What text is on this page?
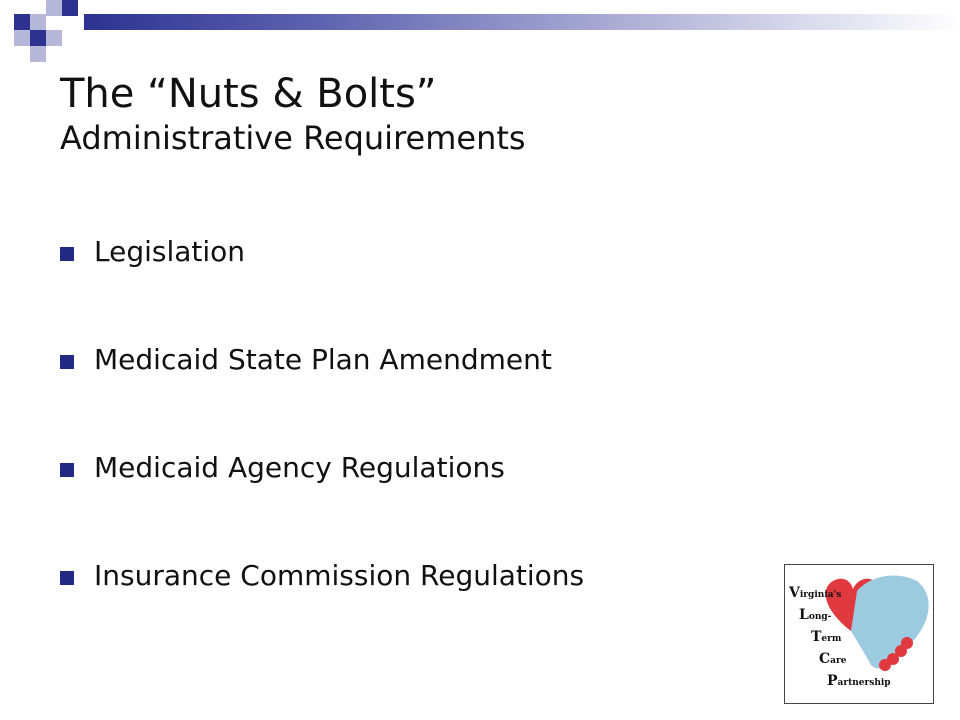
The “Nuts & Bolts”

Administrative Requirements

Legislation
Medicaid State Plan Amendment
Medicaid Agency Regulations
Insurance Commission Regulations
Virginia's
Long-
Term
Care
Partnership
